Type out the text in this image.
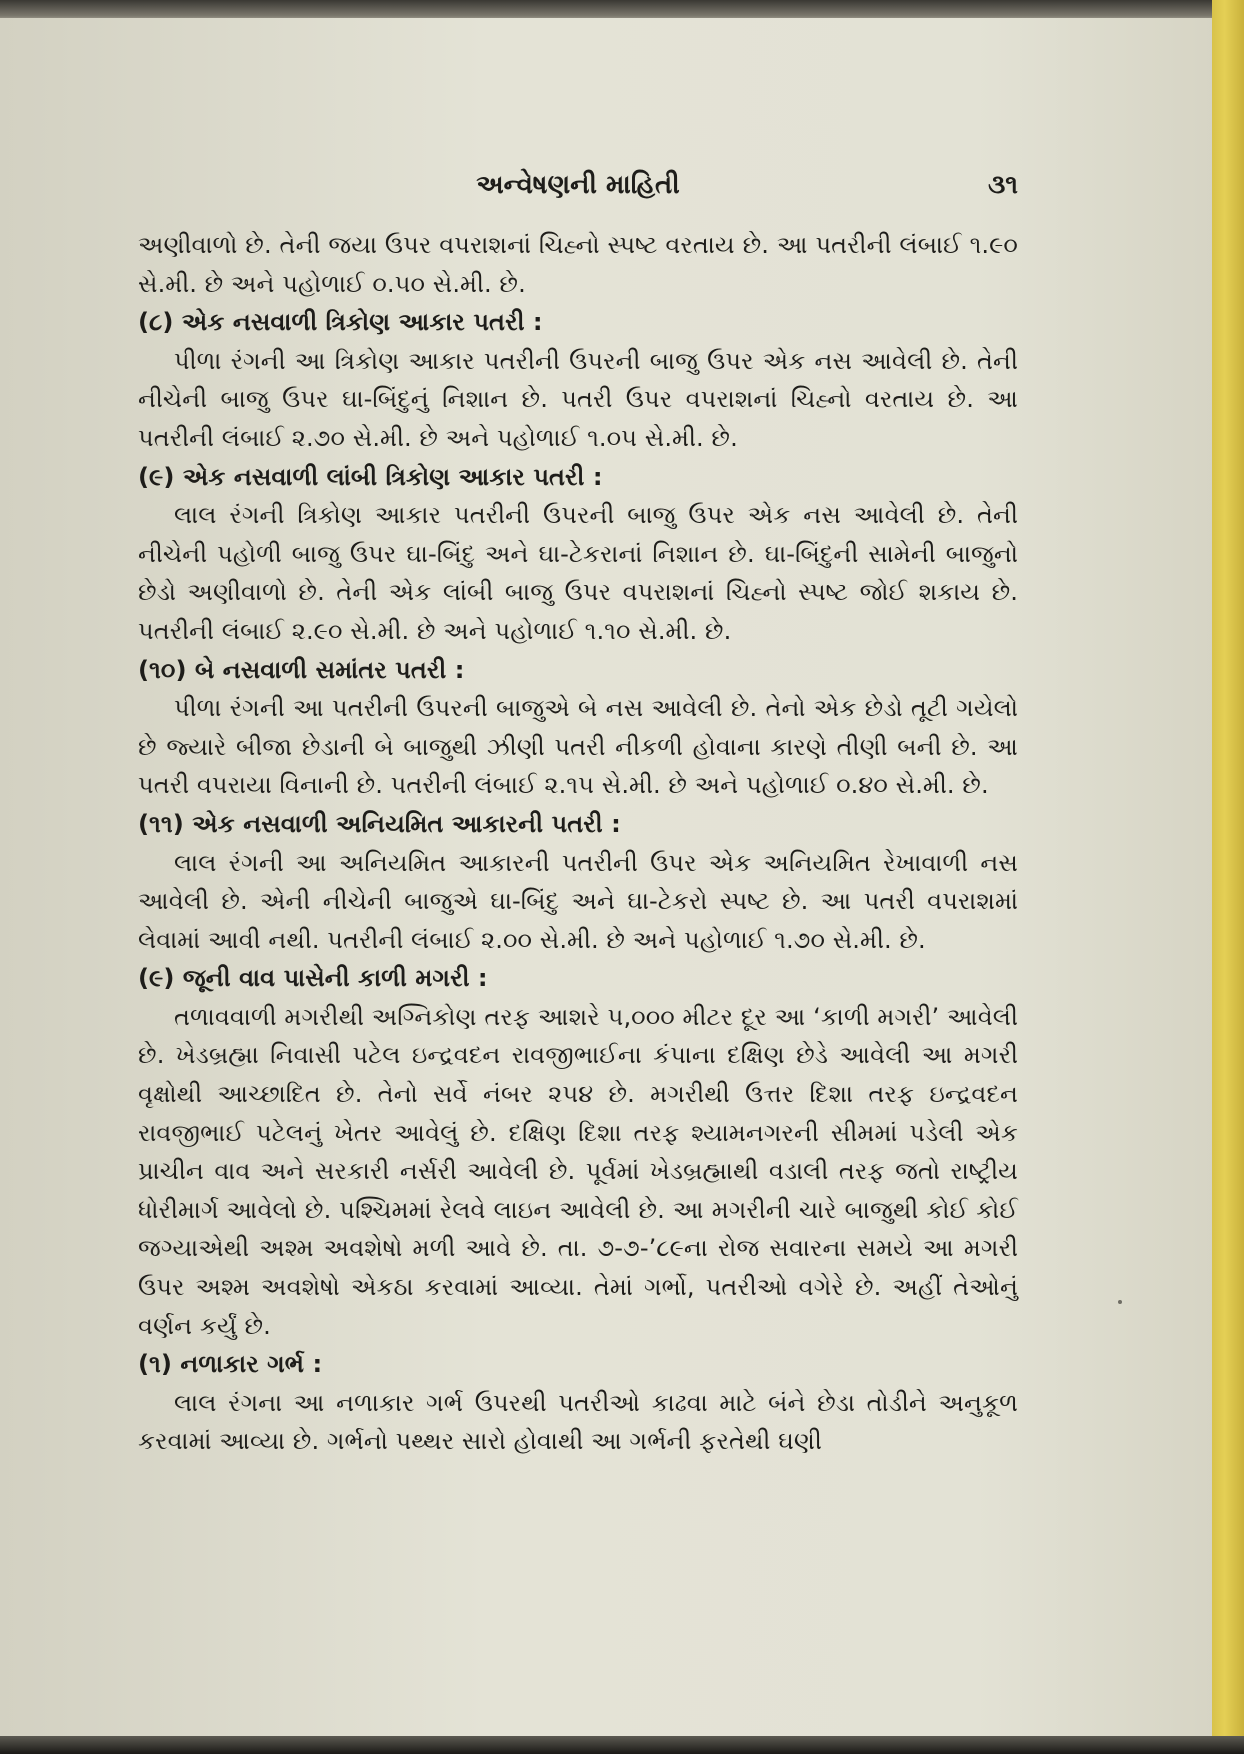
અન્વેષણની માહિતી	૩૧

અણીવાળો છે. તેની જયા ઉપર વપરાશનાં ચિહ્નો સ્પષ્ટ વરતાય છે. આ પતરીની લંબાઈ ૧.૯૦ સે.મી. છે અને પહોળાઈ ૦.૫૦ સે.મી. છે.

(૮) એક નસવાળી ત્રિકોણ આકાર પતરી :

પીળા રંગની આ ત્રિકોણ આકાર પતરીની ઉપરની બાજુ ઉપર એક નસ આવેલી છે. તેની નીચેની બાજુ ઉપર ઘા-બિંદુનું નિશાન છે. પતરી ઉપર વપરાશનાં ચિહ્નો વરતાય છે. આ પતરીની લંબાઈ ૨.૭૦ સે.મી. છે અને પહોળાઈ ૧.૦૫ સે.મી. છે.

(૯) એક નસવાળી લાંબી ત્રિકોણ આકાર પતરી :

લાલ રંગની ત્રિકોણ આકાર પતરીની ઉપરની બાજુ ઉપર એક નસ આવેલી છે. તેની નીચેની પહોળી બાજુ ઉપર ઘા-બિંદુ અને ઘા-ટેકરાનાં નિશાન છે. ઘા-બિંદુની સામેની બાજુનો છેડો અણીવાળો છે. તેની એક લાંબી બાજુ ઉપર વપરાશનાં ચિહ્નો સ્પષ્ટ જોઈ શકાય છે. પતરીની લંબાઈ ૨.૯૦ સે.મી. છે અને પહોળાઈ ૧.૧૦ સે.મી. છે.

(૧૦) બે નસવાળી સમાંતર પતરી :

પીળા રંગની આ પતરીની ઉપરની બાજુએ બે નસ આવેલી છે. તેનો એક છેડો તૂટી ગયેલો છે જ્યારે બીજા છેડાની બે બાજુથી ઝીણી પતરી નીકળી હોવાના કારણે તીણી બની છે. આ પતરી વપરાયા વિનાની છે. પતરીની લંબાઈ ૨.૧૫ સે.મી. છે અને પહોળાઈ ૦.૪૦ સે.મી. છે.

(૧૧) એક નસવાળી અનિયમિત આકારની પતરી :

લાલ રંગની આ અનિયમિત આકારની પતરીની ઉપર એક અનિયમિત રેખાવાળી નસ આવેલી છે. એની નીચેની બાજુએ ઘા-બિંદુ અને ઘા-ટેકરો સ્પષ્ટ છે. આ પતરી વપરાશમાં લેવામાં આવી નથી. પતરીની લંબાઈ ૨.૦૦ સે.મી. છે અને પહોળાઈ ૧.૭૦ સે.મી. છે.

(૯) જૂની વાવ પાસેની કાળી મગરી :

તળાવવાળી મગરીથી અગ્નિકોણ તરફ આશરે ૫,૦૦૦ મીટર દૂર આ ‘કાળી મગરી’ આવેલી છે. ખેડબ્રહ્મા નિવાસી પટેલ ઇન્દ્રવદન રાવજીભાઈના કંપાના દક્ષિણ છેડે આવેલી આ મગરી વૃક્ષોથી આચ્છાદિત છે. તેનો સર્વે નંબર ૨૫૪ છે. મગરીથી ઉત્તર દિશા તરફ ઇન્દ્રવદન રાવજીભાઈ પટેલનું ખેતર આવેલું છે. દક્ષિણ દિશા તરફ શ્યામનગરની સીમમાં પડેલી એક પ્રાચીન વાવ અને સરકારી નર્સરી આવેલી છે. પૂર્વમાં ખેડબ્રહ્માથી વડાલી તરફ જતો રાષ્ટ્રીય ધોરીમાર્ગ આવેલો છે. પશ્ચિમમાં રેલવે લાઇન આવેલી છે. આ મગરીની ચારે બાજુથી કોઈ કોઈ જગ્યાએથી અશ્મ અવશેષો મળી આવે છે. તા. ૭-૭-’૮૯ના રોજ સવારના સમયે આ મગરી ઉપર અશ્મ અવશેષો એકઠા કરવામાં આવ્યા. તેમાં ગર્ભો, પતરીઓ વગેરે છે. અહીં તેઓનું વર્ણન કર્યું છે.

(૧) નળાકાર ગર્ભ :

લાલ રંગના આ નળાકાર ગર્ભ ઉપરથી પતરીઓ કાઢવા માટે બંને છેડા તોડીને અનુકૂળ કરવામાં આવ્યા છે. ગર્ભનો પથ્થર સારો હોવાથી આ ગર્ભની ફરતેથી ઘણી
